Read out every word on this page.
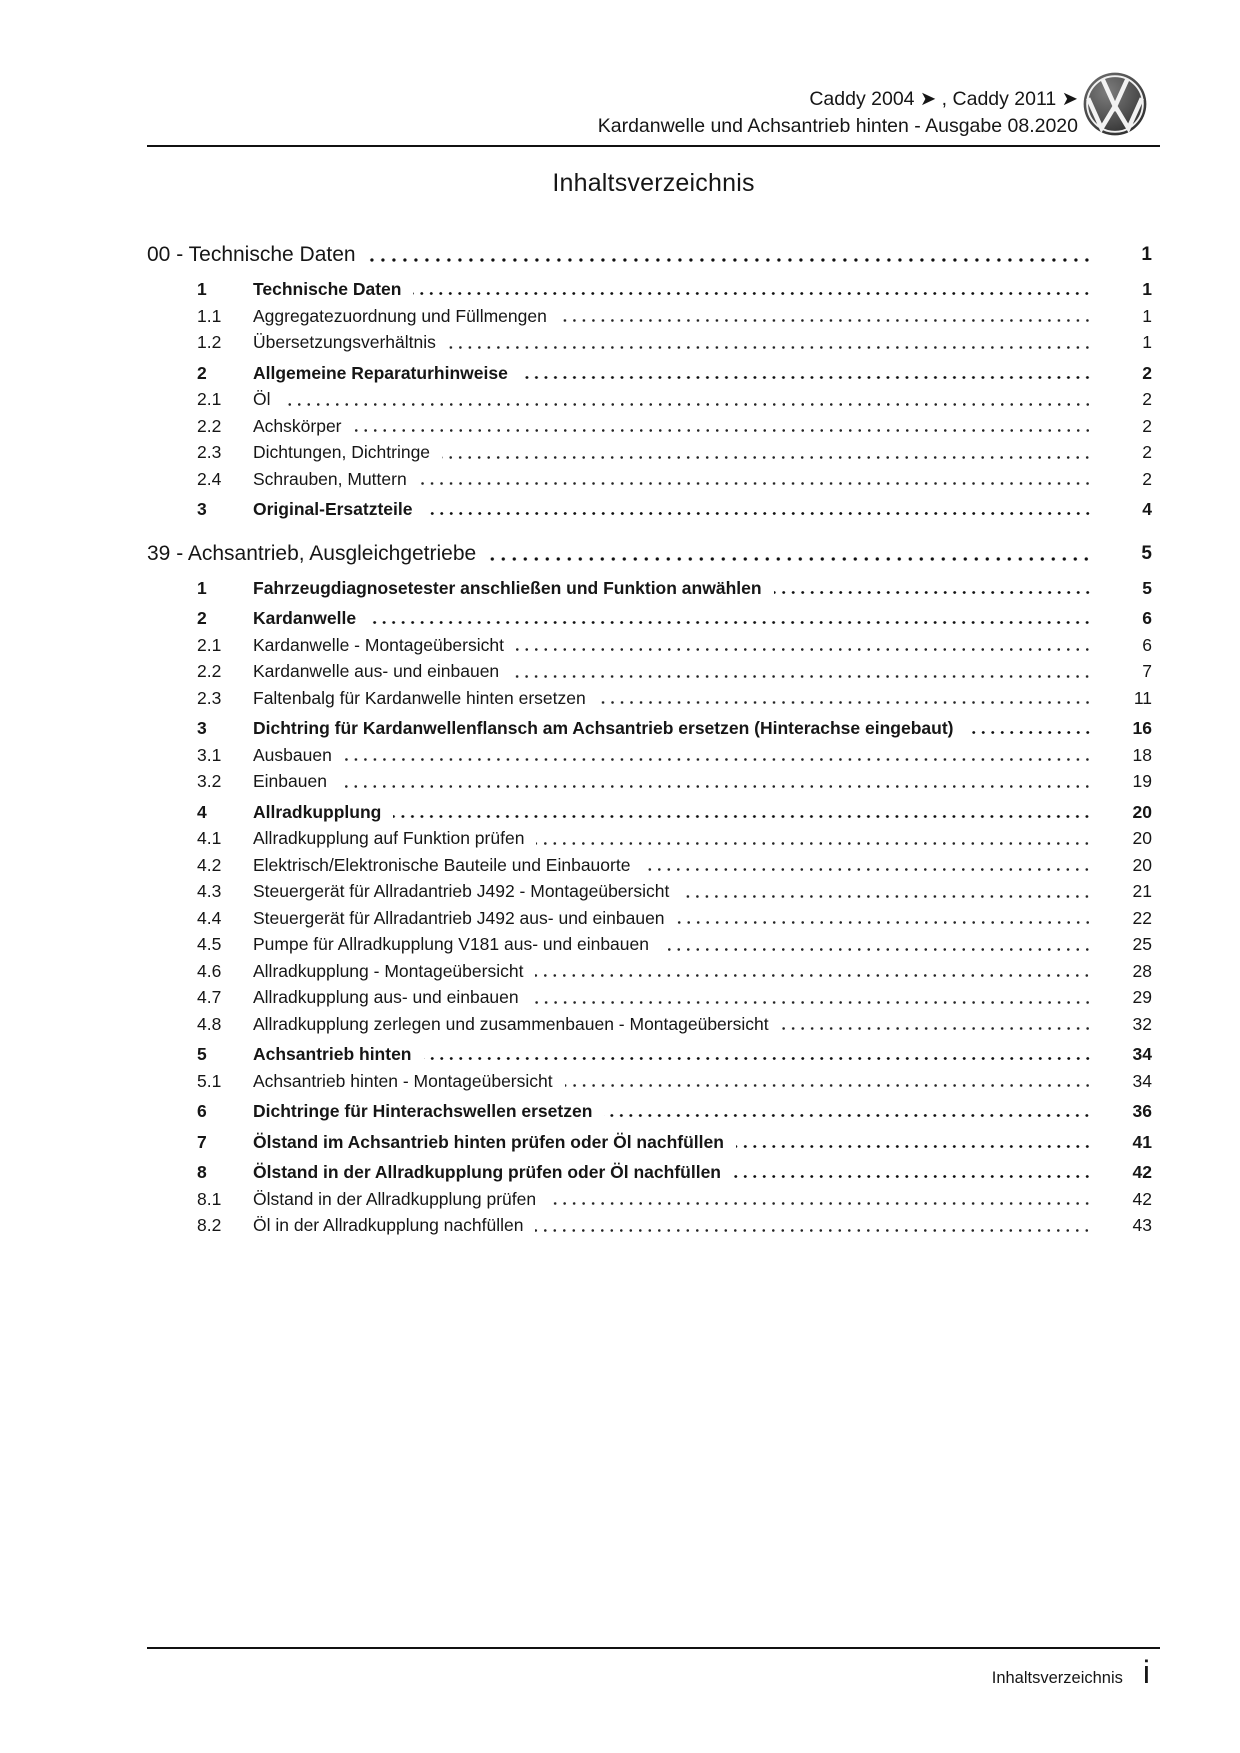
Caddy 2004 ➤ , Caddy 2011 ➤
Kardanwelle und Achsantrieb hinten - Ausgabe 08.2020
Inhaltsverzeichnis
00 - Technische Daten	1
1	Technische Daten	1
1.1	Aggregatezuordnung und Füllmengen	1
1.2	Übersetzungsverhältnis	1
2	Allgemeine Reparaturhinweise	2
2.1	Öl	2
2.2	Achskörper	2
2.3	Dichtungen, Dichtringe	2
2.4	Schrauben, Muttern	2
3	Original-Ersatzteile	4
39 - Achsantrieb, Ausgleichgetriebe	5
1	Fahrzeugdiagnosetester anschließen und Funktion anwählen	5
2	Kardanwelle	6
2.1	Kardanwelle - Montageübersicht	6
2.2	Kardanwelle aus- und einbauen	7
2.3	Faltenbalg für Kardanwelle hinten ersetzen	11
3	Dichtring für Kardanwellenflansch am Achsantrieb ersetzen (Hinterachse eingebaut)	16
3.1	Ausbauen	18
3.2	Einbauen	19
4	Allradkupplung	20
4.1	Allradkupplung auf Funktion prüfen	20
4.2	Elektrisch/Elektronische Bauteile und Einbauorte	20
4.3	Steuergerät für Allradantrieb J492 - Montageübersicht	21
4.4	Steuergerät für Allradantrieb J492 aus- und einbauen	22
4.5	Pumpe für Allradkupplung V181 aus- und einbauen	25
4.6	Allradkupplung - Montageübersicht	28
4.7	Allradkupplung aus- und einbauen	29
4.8	Allradkupplung zerlegen und zusammenbauen - Montageübersicht	32
5	Achsantrieb hinten	34
5.1	Achsantrieb hinten - Montageübersicht	34
6	Dichtringe für Hinterachswellen ersetzen	36
7	Ölstand im Achsantrieb hinten prüfen oder Öl nachfüllen	41
8	Ölstand in der Allradkupplung prüfen oder Öl nachfüllen	42
8.1	Ölstand in der Allradkupplung prüfen	42
8.2	Öl in der Allradkupplung nachfüllen	43
Inhaltsverzeichnis i
